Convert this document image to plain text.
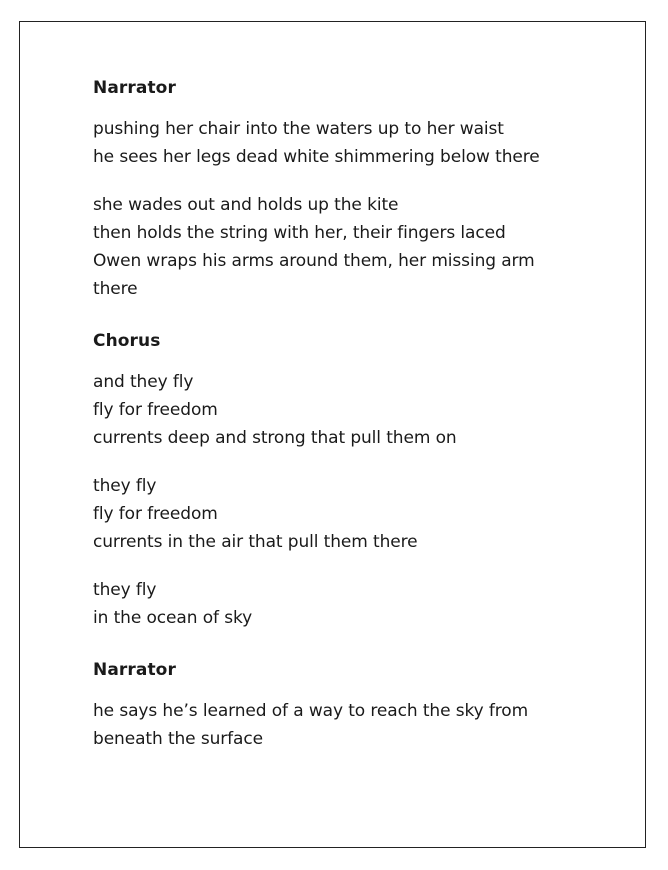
Narrator

pushing her chair into the waters up to her waist
he sees her legs dead white shimmering below there
she wades out and holds up the kite
then holds the string with her, their fingers laced
Owen wraps his arms around them, her missing arm
there

Chorus

and they fly
fly for freedom
currents deep and strong that pull them on
they fly
fly for freedom
currents in the air that pull them there
they fly
in the ocean of sky

Narrator

he says he’s learned of a way to reach the sky from
beneath the surface
